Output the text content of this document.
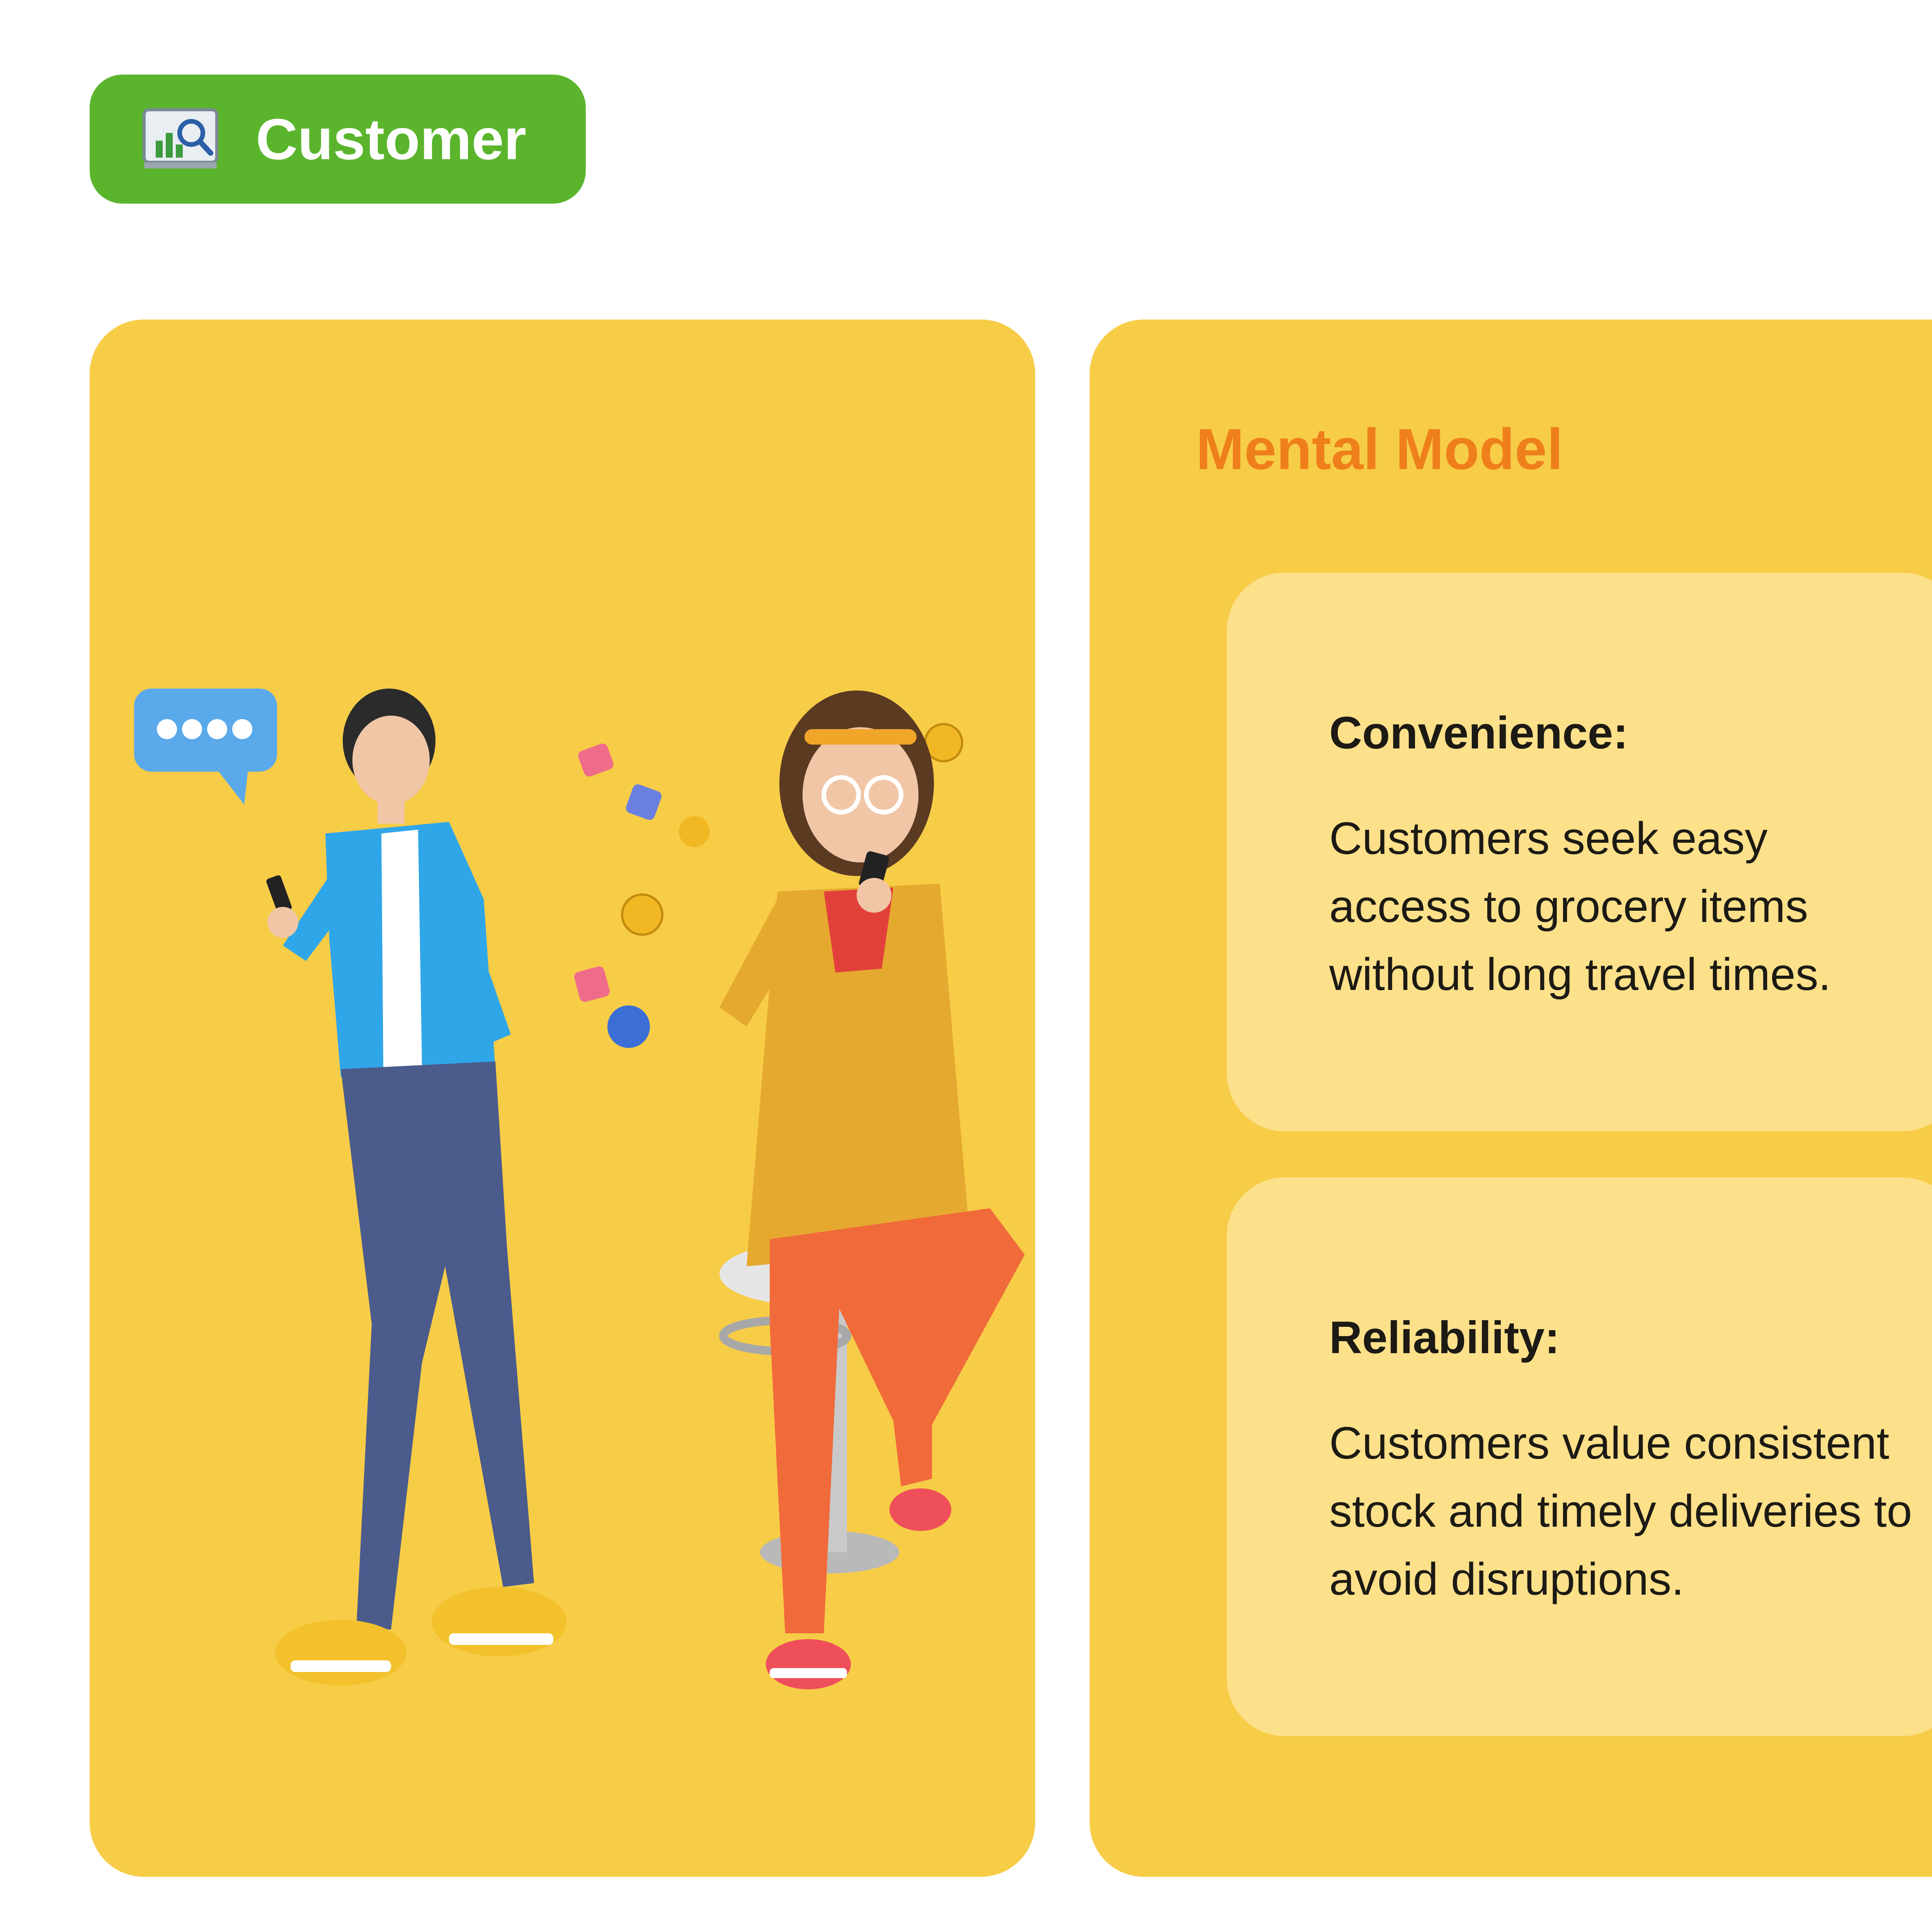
Customer
Mental Model
Convenience:

Customers seek easy access to grocery items without long travel times.

Reliability:

Customers value consistent stock and timely deliveries to avoid disruptions.
